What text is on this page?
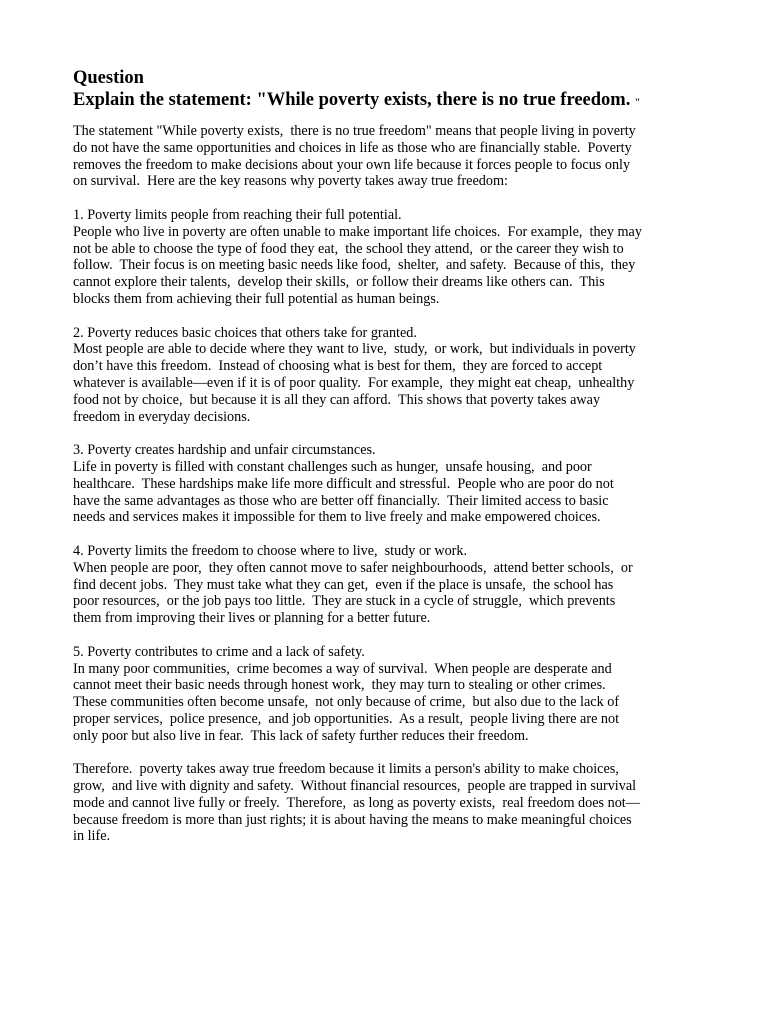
Question
Explain the statement: "While poverty exists, there is no true freedom. "

The statement "While poverty exists,  there is no true freedom" means that people living in poverty
do not have the same opportunities and choices in life as those who are financially stable.  Poverty
removes the freedom to make decisions about your own life because it forces people to focus only
on survival.  Here are the key reasons why poverty takes away true freedom:

1. Poverty limits people from reaching their full potential.
People who live in poverty are often unable to make important life choices.  For example,  they may
not be able to choose the type of food they eat,  the school they attend,  or the career they wish to
follow.  Their focus is on meeting basic needs like food,  shelter,  and safety.  Because of this,  they
cannot explore their talents,  develop their skills,  or follow their dreams like others can.  This
blocks them from achieving their full potential as human beings.

2. Poverty reduces basic choices that others take for granted.
Most people are able to decide where they want to live,  study,  or work,  but individuals in poverty
don’t have this freedom.  Instead of choosing what is best for them,  they are forced to accept
whatever is available—even if it is of poor quality.  For example,  they might eat cheap,  unhealthy
food not by choice,  but because it is all they can afford.  This shows that poverty takes away
freedom in everyday decisions.

3. Poverty creates hardship and unfair circumstances.
Life in poverty is filled with constant challenges such as hunger,  unsafe housing,  and poor
healthcare.  These hardships make life more difficult and stressful.  People who are poor do not
have the same advantages as those who are better off financially.  Their limited access to basic
needs and services makes it impossible for them to live freely and make empowered choices.

4. Poverty limits the freedom to choose where to live,  study or work.
When people are poor,  they often cannot move to safer neighbourhoods,  attend better schools,  or
find decent jobs.  They must take what they can get,  even if the place is unsafe,  the school has
poor resources,  or the job pays too little.  They are stuck in a cycle of struggle,  which prevents
them from improving their lives or planning for a better future.

5. Poverty contributes to crime and a lack of safety.
In many poor communities,  crime becomes a way of survival.  When people are desperate and
cannot meet their basic needs through honest work,  they may turn to stealing or other crimes.
These communities often become unsafe,  not only because of crime,  but also due to the lack of
proper services,  police presence,  and job opportunities.  As a result,  people living there are not
only poor but also live in fear.  This lack of safety further reduces their freedom.

Therefore.  poverty takes away true freedom because it limits a person's ability to make choices,
grow,  and live with dignity and safety.  Without financial resources,  people are trapped in survival
mode and cannot live fully or freely.  Therefore,  as long as poverty exists,  real freedom does not—
because freedom is more than just rights; it is about having the means to make meaningful choices
in life.
